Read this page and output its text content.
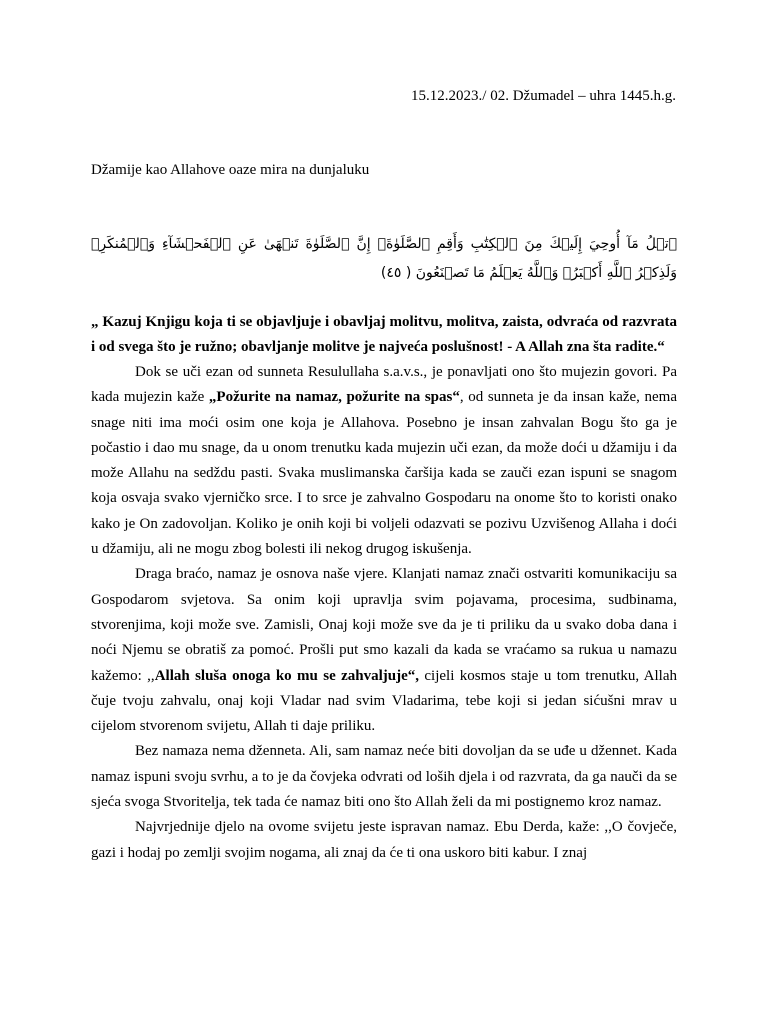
15.12.2023./ 02. Džumadel – uhra 1445.h.g.
Džamije kao Allahove oaze mira na dunjaluku
ٱتۡلُ مَآ أُوحِيَ إِلَيۡكَ مِنَ ٱلۡكِتَٰبِ وَأَقِمِ ٱلصَّلَوٰةَۖ إِنَّ ٱلصَّلَوٰةَ تَنۡهَىٰ عَنِ ٱلۡفَحۡشَآءِ وَٱلۡمُنكَرِۗ وَلَذِكۡرُ ٱللَّهِ أَكۡبَرُۗ وَٱللَّهُ يَعۡلَمُ مَا تَصۡنَعُونَ ( ٤٥)

„ Kazuj Knjigu koja ti se objavljuje i obavljaj molitvu, molitva, zaista, odvraća od razvrata i od svega što je ružno; obavljanje molitve je najveća poslušnost! - A Allah zna šta radite.“

Dok se uči ezan od sunneta Resulullaha s.a.v.s., je ponavljati ono što mujezin govori. Pa kada mujezin kaže „Požurite na namaz, požurite na spas“, od sunneta je da insan kaže, nema snage niti ima moći osim one koja je Allahova. Posebno je insan zahvalan Bogu što ga je počastio i dao mu snage, da u onom trenutku kada mujezin uči ezan, da može doći u džamiju i da može Allahu na sedždu pasti. Svaka muslimanska čaršija kada se zauči ezan ispuni se snagom koja osvaja svako vjerničko srce. I to srce je zahvalno Gospodaru na onome što to koristi onako kako je On zadovoljan. Koliko je onih koji bi voljeli odazvati se pozivu Uzvišenog Allaha i doći u džamiju, ali ne mogu zbog bolesti ili nekog drugog iskušenja.

Draga braćo, namaz je osnova naše vjere. Klanjati namaz znači ostvariti komunikaciju sa Gospodarom svjetova. Sa onim koji upravlja svim pojavama, procesima, sudbinama, stvorenjima, koji može sve. Zamisli, Onaj koji može sve da je ti priliku da u svako doba dana i noći Njemu se obratiš za pomoć. Prošli put smo kazali da kada se vraćamo sa rukua u namazu kažemo: ,,Allah sluša onoga ko mu se zahvaljuje“, cijeli kosmos staje u tom trenutku, Allah čuje tvoju zahvalu, onaj koji Vladar nad svim Vladarima, tebe koji si jedan sićušni mrav u cijelom stvorenom svijetu, Allah ti daje priliku.

Bez namaza nema dženneta. Ali, sam namaz neće biti dovoljan da se uđe u džennet. Kada namaz ispuni svoju svrhu, a to je da čovjeka odvrati od loših djela i od razvrata, da ga nauči da se sjeća svoga Stvoritelja, tek tada će namaz biti ono što Allah želi da mi postignemo kroz namaz.

Najvrjednije djelo na ovome svijetu jeste ispravan namaz. Ebu Derda, kaže: ,,O čovječe, gazi i hodaj po zemlji svojim nogama, ali znaj da će ti ona uskoro biti kabur. I znaj
